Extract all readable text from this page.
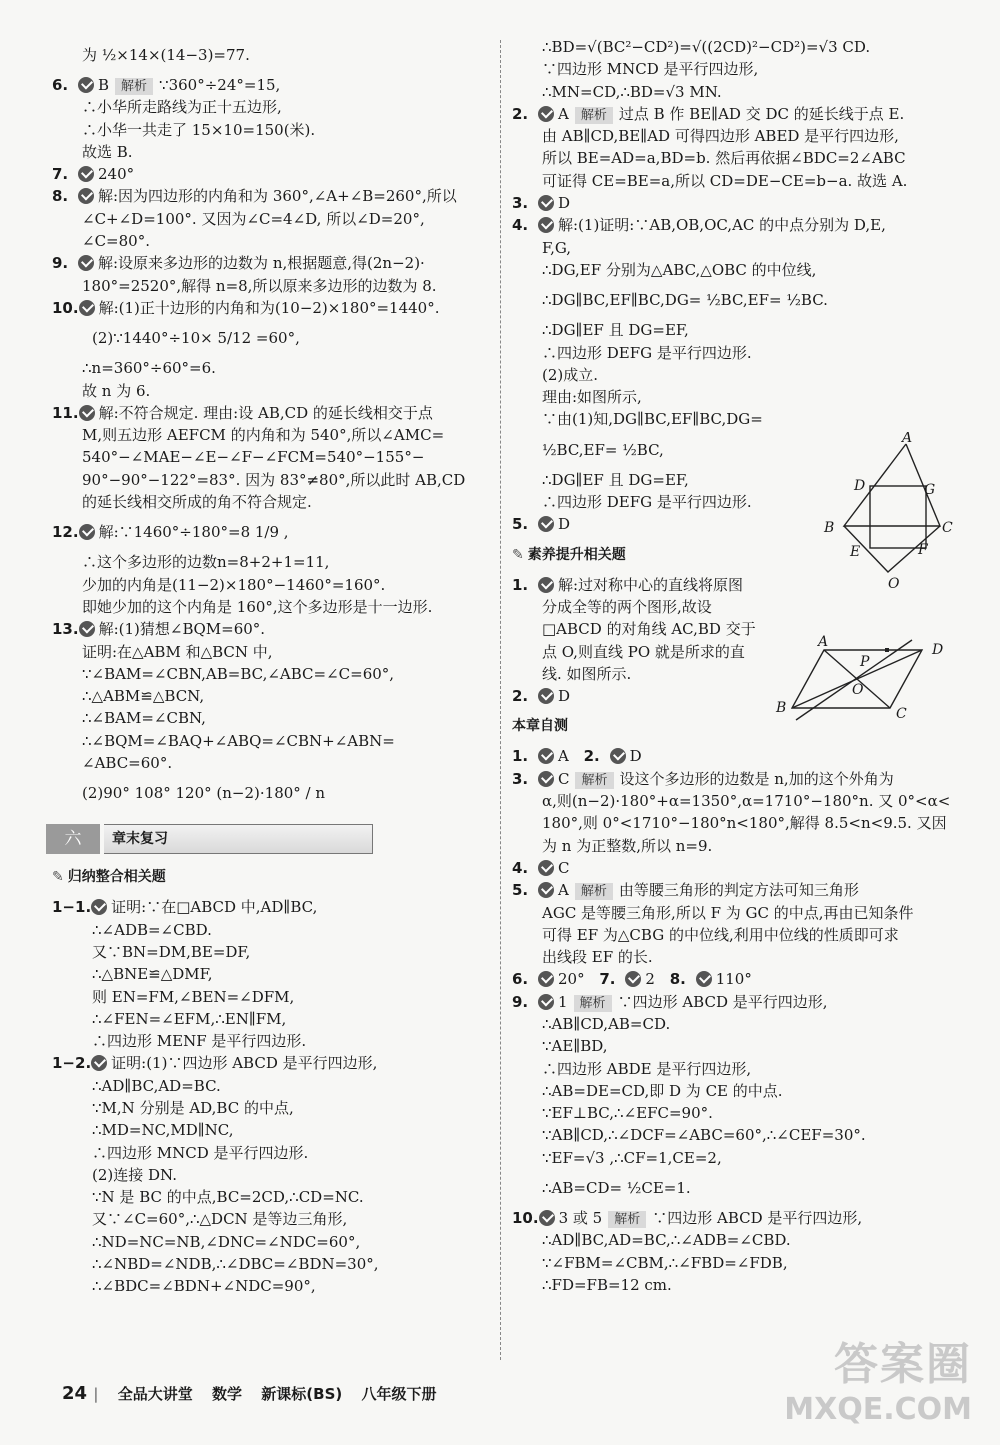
为 ½×14×(14−3)=77.
6. B 解析 ∵360°÷24°=15,
∴小华所走路线为正十五边形,
∴小华一共走了 15×10=150(米).
故选 B.
7. 240°
8. 解:因为四边形的内角和为 360°,∠A+∠B=260°,所以
∠C+∠D=100°. 又因为∠C=4∠D, 所以∠D=20°,
∠C=80°.
9. 解:设原来多边形的边数为 n,根据题意,得(2n−2)·
180°=2520°,解得 n=8,所以原来多边形的边数为 8.
10. 解:(1)正十边形的内角和为(10−2)×180°=1440°.
(2)∵1440°÷10× 5/12 =60°,
∴n=360°÷60°=6.
故 n 为 6.
11. 解:不符合规定. 理由:设 AB,CD 的延长线相交于点
M,则五边形 AEFCM 的内角和为 540°,所以∠AMC=
540°−∠MAE−∠E−∠F−∠FCM=540°−155°−
90°−90°−122°=83°. 因为 83°≠80°,所以此时 AB,CD
的延长线相交所成的角不符合规定.
12. 解:∵1460°÷180°=8 1/9 ,
∴这个多边形的边数n=8+2+1=11,
少加的内角是(11−2)×180°−1460°=160°.
即她少加的这个内角是 160°,这个多边形是十一边形.
13. 解:(1)猜想∠BQM=60°.
证明:在△ABM 和△BCN 中,
∵∠BAM=∠CBN,AB=BC,∠ABC=∠C=60°,
∴△ABM≌△BCN,
∴∠BAM=∠CBN,
∴∠BQM=∠BAQ+∠ABQ=∠CBN+∠ABN=
∠ABC=60°.
(2)90° 108° 120° (n−2)·180° / n
六	章末复习
✎ 归纳整合相关题
1−1. 证明:∵在□ABCD 中,AD∥BC,
∴∠ADB=∠CBD.
又∵BN=DM,BE=DF,
∴△BNE≌△DMF,
则 EN=FM,∠BEN=∠DFM,
∴∠FEN=∠EFM,∴EN∥FM,
∴四边形 MENF 是平行四边形.
1−2. 证明:(1)∵四边形 ABCD 是平行四边形,
∴AD∥BC,AD=BC.
∵M,N 分别是 AD,BC 的中点,
∴MD=NC,MD∥NC,
∴四边形 MNCD 是平行四边形.
(2)连接 DN.
∵N 是 BC 的中点,BC=2CD,∴CD=NC.
又∵∠C=60°,∴△DCN 是等边三角形,
∴ND=NC=NB,∠DNC=∠NDC=60°,
∴∠NBD=∠NDB,∴∠DBC=∠BDN=30°,
∴∠BDC=∠BDN+∠NDC=90°,
∴BD=√(BC²−CD²)=√((2CD)²−CD²)=√3 CD.
∵四边形 MNCD 是平行四边形,
∴MN=CD,∴BD=√3 MN.
2. A 解析 过点 B 作 BE∥AD 交 DC 的延长线于点 E.
由 AB∥CD,BE∥AD 可得四边形 ABED 是平行四边形,
所以 BE=AD=a,BD=b. 然后再依据∠BDC=2∠ABC
可证得 CE=BE=a,所以 CD=DE−CE=b−a. 故选 A.
3. D
4. 解:(1)证明:∵AB,OB,OC,AC 的中点分别为 D,E,
F,G,
∴DG,EF 分别为△ABC,△OBC 的中位线,
∴DG∥BC,EF∥BC,DG= ½BC,EF= ½BC.
∴DG∥EF 且 DG=EF,
∴四边形 DEFG 是平行四边形.
(2)成立.
理由:如图所示,
∵由(1)知,DG∥BC,EF∥BC,DG=
½BC,EF= ½BC,
∴DG∥EF 且 DG=EF,
∴四边形 DEFG 是平行四边形.
5. D
✎ 素养提升相关题
1. 解:过对称中心的直线将原图
分成全等的两个图形,故设
□ABCD 的对角线 AC,BD 交于
点 O,则直线 PO 就是所求的直
线. 如图所示.
2. D
本章自测
1. A 2. D
3. C 解析 设这个多边形的边数是 n,加的这个外角为
α,则(n−2)·180°+α=1350°,α=1710°−180°n. 又 0°<α<
180°,则 0°<1710°−180°n<180°,解得 8.5<n<9.5. 又因
为 n 为正整数,所以 n=9.
4. C
5. A 解析 由等腰三角形的判定方法可知三角形
AGC 是等腰三角形,所以 F 为 GC 的中点,再由已知条件
可得 EF 为△CBG 的中位线,利用中位线的性质即可求
出线段 EF 的长.
6. 20° 7. 2 8. 110°
9. 1 解析 ∵四边形 ABCD 是平行四边形,
∴AB∥CD,AB=CD.
∵AE∥BD,
∴四边形 ABDE 是平行四边形,
∴AB=DE=CD,即 D 为 CE 的中点.
∵EF⊥BC,∴∠EFC=90°.
∵AB∥CD,∴∠DCF=∠ABC=60°,∴∠CEF=30°.
∵EF=√3 ,∴CF=1,CE=2,
∴AB=CD= ½CE=1.
10. 3 或 5 解析 ∵四边形 ABCD 是平行四边形,
∴AD∥BC,AD=BC,∴∠ADB=∠CBD.
∵∠FBM=∠CBM,∴∠FBD=∠FDB,
∴FD=FB=12 cm.
A
D	G
B	C
E	F
O
A	D
P
O
B	C
24 | 全品大讲堂 数学 新课标(BS) 八年级下册
答案圈
MXQE.COM
